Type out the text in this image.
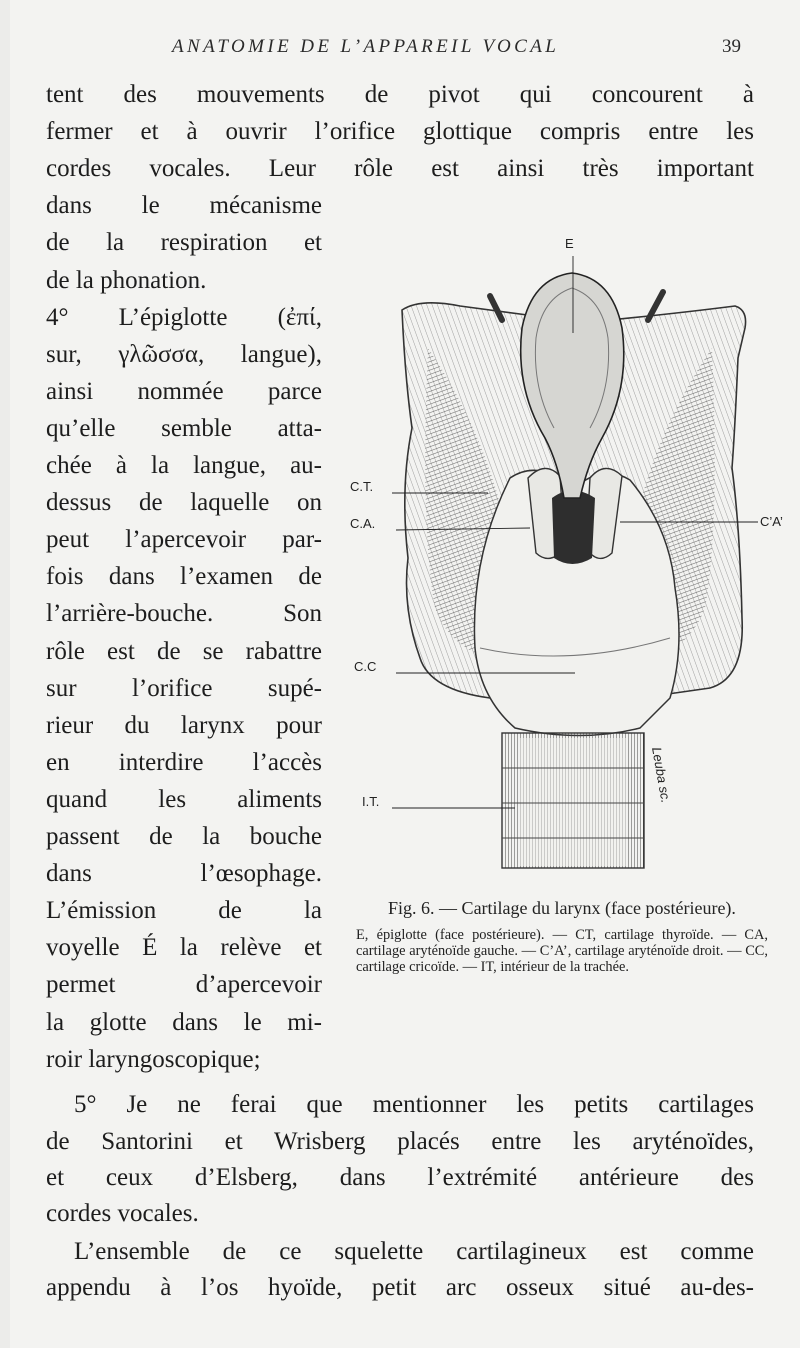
ANATOMIE DE L’APPAREIL VOCAL	39
tent des mouvements de pivot qui concourent à
fermer et à ouvrir l’orifice glottique compris entre les
cordes vocales. Leur rôle est ainsi très important
dans le mécanisme
de la respiration et
de la phonation.
4° L’épiglotte (ἐπί,
sur, γλῶσσα, langue),
ainsi nommée parce
qu’elle semble atta-
chée à la langue, au-
dessus de laquelle on
peut l’apercevoir par-
fois dans l’examen de
l’arrière-bouche. Son
rôle est de se rabattre
sur l’orifice supé-
rieur du larynx pour
en interdire l’accès
quand les aliments
passent de la bouche
dans l’œsophage.
L’émission de la
voyelle É la relève et
permet d’apercevoir
la glotte dans le mi-
roir laryngoscopique;
5° Je ne ferai que mentionner les petits cartilages
de Santorini et Wrisberg placés entre les aryténoïdes,
et ceux d’Elsberg, dans l’extrémité antérieure des
cordes vocales.
L’ensemble de ce squelette cartilagineux est comme
appendu à l’os hyoïde, petit arc osseux situé au-des-
E
C.T.
C.A.	C’A’
C.C
I.T.	Leuba sc.
Fig. 6. — Cartilage du larynx (face postérieure).
E, épiglotte (face postérieure). — CT, cartilage thyroïde. — CA, cartilage aryténoïde gauche. — C’A’, cartilage aryténoïde droit. — CC, cartilage cricoïde. — IT, intérieur de la trachée.
